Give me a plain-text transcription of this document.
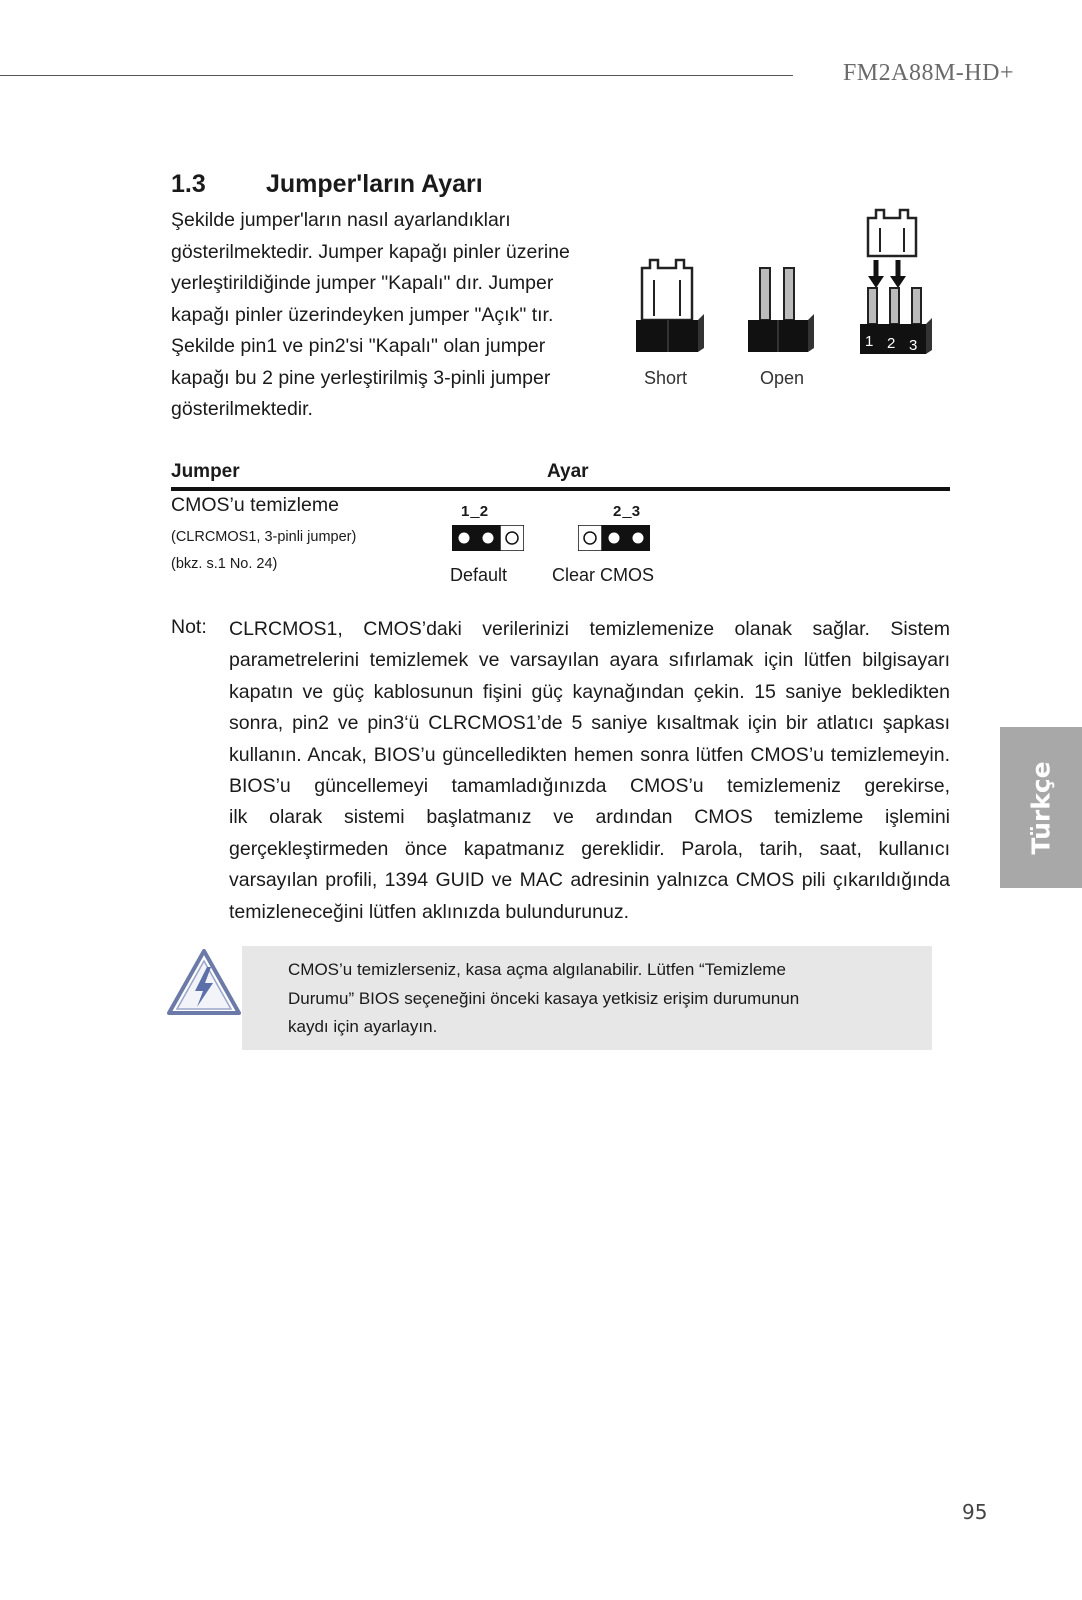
FM2A88M-HD+
1.3 Jumper'ların Ayarı
Şekilde jumper'ların nasıl ayarlandıkları
gösterilmektedir. Jumper kapağı pinler üzerine
yerleştirildiğinde jumper "Kapalı" dır. Jumper
kapağı pinler üzerindeyken jumper "Açık" tır.
Şekilde pin1 ve pin2'si "Kapalı" olan jumper
kapağı bu 2 pine yerleştirilmiş 3-pinli jumper
gösterilmektedir.
1 2 3
Short	Open
Jumper	Ayar
CMOS’u temizleme
(CLRCMOS1, 3-pinli jumper)
(bkz. s.1 No. 24)
1_2
Default
2_3
Clear CMOS
Not: CLRCMOS1, CMOS’daki verilerinizi temizlemenize olanak sağlar. Sistem
parametrelerini temizlemek ve varsayılan ayara sıfırlamak için lütfen bilgisayarı
kapatın ve güç kablosunun fişini güç kaynağından çekin. 15 saniye bekledikten
sonra, pin2 ve pin3‘ü CLRCMOS1’de 5 saniye kısaltmak için bir atlatıcı şapkası
kullanın. Ancak, BIOS’u güncelledikten hemen sonra lütfen CMOS’u temizlemeyin.
BIOS’u güncellemeyi tamamladığınızda CMOS’u temizlemeniz gerekirse,
ilk olarak sistemi başlatmanız ve ardından CMOS temizleme işlemini
gerçekleştirmeden önce kapatmanız gereklidir. Parola, tarih, saat, kullanıcı
varsayılan profili, 1394 GUID ve MAC adresinin yalnızca CMOS pili çıkarıldığında
temizleneceğini lütfen aklınızda bulundurunuz.
CMOS’u temizlerseniz, kasa açma algılanabilir. Lütfen “Temizleme
Durumu” BIOS seçeneğini önceki kasaya yetkisiz erişim durumunun
kaydı için ayarlayın.
Türkçe
95
